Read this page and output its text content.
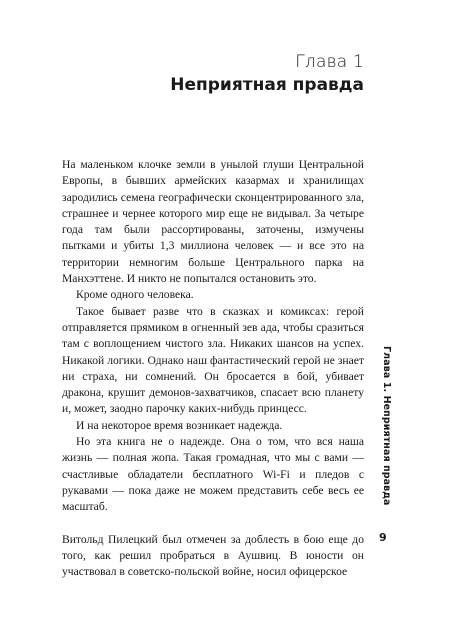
Глава 1
Неприятная правда

На маленьком клочке земли в унылой глуши Центральной Европы, в бывших армейских казармах и хранилищах зародились семена географически сконцентрированного зла, страшнее и чернее которого мир еще не видывал. За четыре года там были рассортированы, заточены, измучены пытками и убиты 1,3 миллиона человек — и все это на территории немногим больше Центрального парка на Манхэттене. И никто не попытался остановить это.

Кроме одного человека.

Такое бывает разве что в сказках и комиксах: герой отправляется прямиком в огненный зев ада, чтобы сразиться там с воплощением чистого зла. Никаких шансов на успех. Никакой логики. Однако наш фантастический герой не знает ни страха, ни сомнений. Он бросается в бой, убивает дракона, крушит демонов-захватчиков, спасает всю планету и, может, заодно парочку каких-нибудь принцесс.

И на некоторое время возникает надежда.

Но эта книга не о надежде. Она о том, что вся наша жизнь — полная жопа. Такая громадная, что мы с вами — счастливые обладатели бесплатного Wi-Fi и пледов с рукавами — пока даже не можем представить себе весь ее масштаб.

Витольд Пилецкий был отмечен за доблесть в бою еще до того, как решил пробраться в Аушвиц. В юности он участвовал в советско-польской войне, носил офицерское

Глава 1. Неприятная правда
9
